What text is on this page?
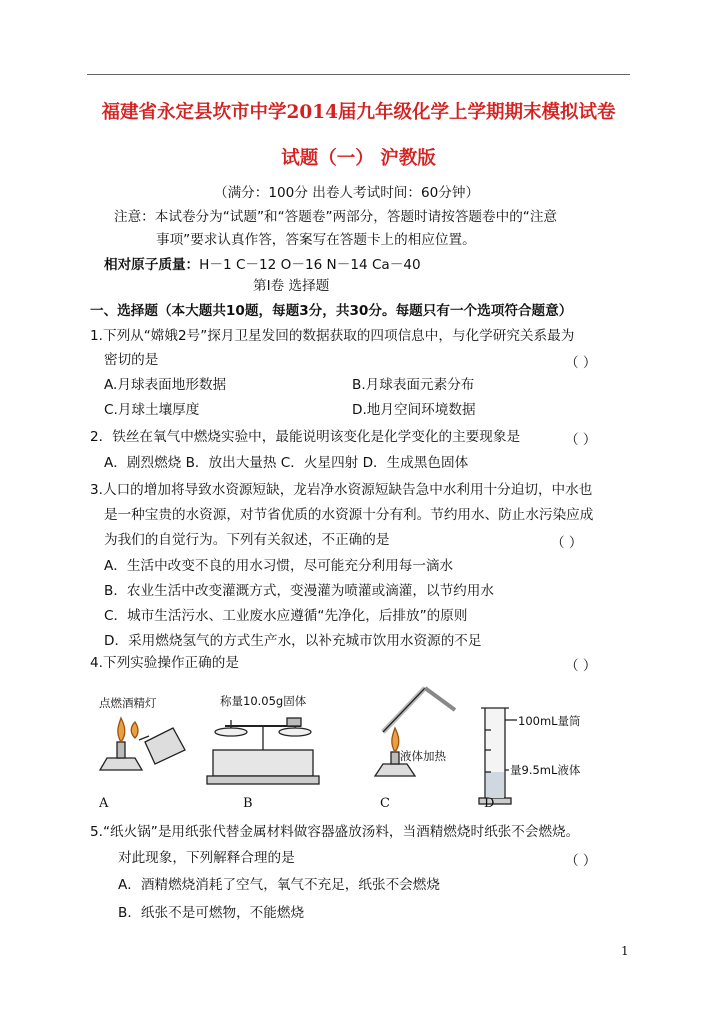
福建省永定县坎市中学2014届九年级化学上学期期末模拟试卷
试题（一） 沪教版
（满分：100分 出卷人考试时间：60分钟）
注意：本试卷分为“试题”和“答题卷”两部分，答题时请按答题卷中的“注意
事项”要求认真作答，答案写在答题卡上的相应位置。
相对原子质量：H－1 C－12 O－16 N－14 Ca－40
第Ⅰ卷 选择题
一、选择题（本大题共10题，每题3分，共30分。每题只有一个选项符合题意）
1.下列从“嫦娥2号”探月卫星发回的数据获取的四项信息中，与化学研究关系最为
密切的是	（ ）
A.月球表面地形数据	B.月球表面元素分布
C.月球土壤厚度	D.地月空间环境数据
2．铁丝在氧气中燃烧实验中，最能说明该变化是化学变化的主要现象是	（ ）
A．剧烈燃烧 B．放出大量热 C．火星四射 D．生成黑色固体
3.人口的增加将导致水资源短缺，龙岩净水资源短缺告急中水利用十分迫切，中水也
是一种宝贵的水资源，对节省优质的水资源十分有利。节约用水、防止水污染应成
为我们的自觉行为。下列有关叙述，不正确的是	（ ）
A．生活中改变不良的用水习惯，尽可能充分利用每一滴水
B．农业生活中改变灌溉方式，变漫灌为喷灌或滴灌，以节约用水
C．城市生活污水、工业废水应遵循“先净化，后排放”的原则
D．采用燃烧氢气的方式生产水，以补充城市饮用水资源的不足
4.下列实验操作正确的是	（ ）
点燃酒精灯	称量10.05g固体
液体加热
100mL量筒
量9.5mL液体
A	B	C	D
5.“纸火锅”是用纸张代替金属材料做容器盛放汤料，当酒精燃烧时纸张不会燃烧。
对此现象，下列解释合理的是	（ ）
A．酒精燃烧消耗了空气，氧气不充足，纸张不会燃烧
B．纸张不是可燃物，不能燃烧
1
